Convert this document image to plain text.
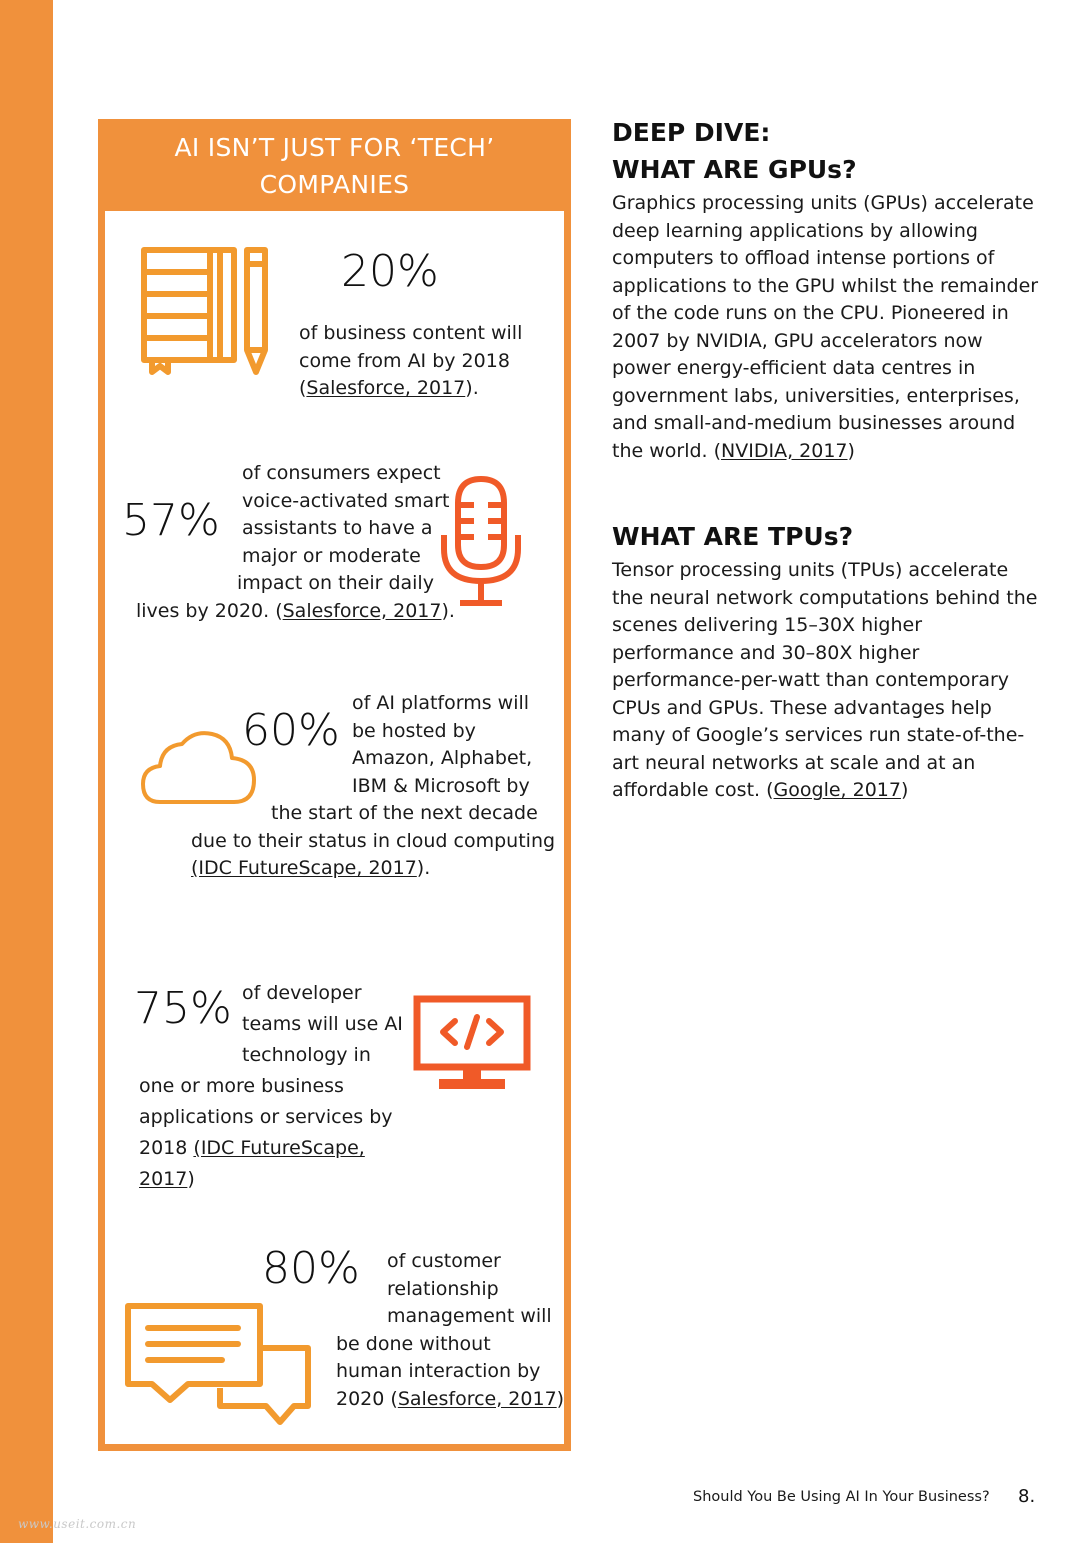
AI ISN’T JUST FOR ‘TECH’
COMPANIES
20%
of business content will
come from AI by 2018
(Salesforce, 2017).
57%
of consumers expect
voice-activated smart
assistants to have a
major or moderate
impact on their daily
lives by 2020. (Salesforce, 2017).
60%
of AI platforms will
be hosted by
Amazon, Alphabet,
IBM & Microsoft by
the start of the next decade
due to their status in cloud computing
(IDC FutureScape, 2017).
75% of developer
teams will use AI
technology in
one or more business
applications or services by
2018 (IDC FutureScape,
2017)
80%	of customer
relationship
management will
be done without
human interaction by
2020 (Salesforce, 2017)
DEEP DIVE:
WHAT ARE GPUs?
Graphics processing units (GPUs) accelerate
deep learning applications by allowing
computers to offload intense portions of
applications to the GPU whilst the remainder
of the code runs on the CPU. Pioneered in
2007 by NVIDIA, GPU accelerators now
power energy-efficient data centres in
government labs, universities, enterprises,
and small-and-medium businesses around
the world. (NVIDIA, 2017)
WHAT ARE TPUs?
Tensor processing units (TPUs) accelerate
the neural network computations behind the
scenes delivering 15–30X higher
performance and 30–80X higher
performance-per-watt than contemporary
CPUs and GPUs. These advantages help
many of Google’s services run state-of-the-
art neural networks at scale and at an
affordable cost. (Google, 2017)
Should You Be Using AI In Your Business? 8.
www.useit.com.cn
